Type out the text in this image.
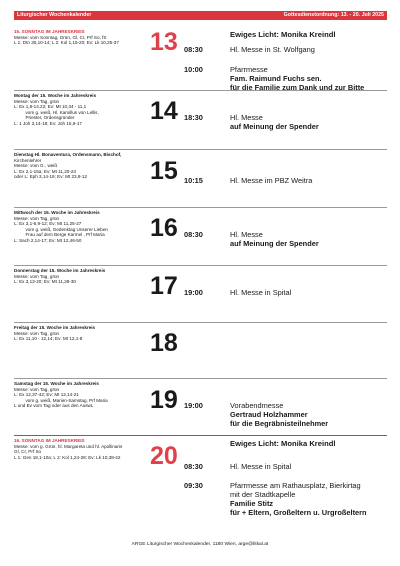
Liturgischer Wochenkalender	Gottesdienstordnung: 13. - 20. Juli 2025
15. SONNTAG IM JAHRESKREIS
Messe: vom Sonntag, Grün, Gl, Cr, Prf So, fS
L 1: Dtn 30,10-14; L 2: Kol 1,15-20; Ev: Lk 10,25-37	13	Ewiges Licht: Monika Kreindl
08:30	Hl. Messe in St. Wolfgang
10:00	Pfarrmesse
Fam. Raimund Fuchs sen.
für die Familie zum Dank und zur Bitte
Montag der 15. Woche im Jahreskreis
Messe: vom Tag, grün
L: Ex 1,8-14.22; Ev: Mt 10,34 - 11,1
vom g. weiß, Hl. Kamillus von Lellis,
Priester, Ordensgründer
L: 1 Joh 3,14-18; Ev: Joh 15,9-17	14 18:30	Hl. Messe
auf Meinung der Spender
Dienstag Hl. Bonaventura, Ordensmann, Bischof,
Kirchenlehrer
Messe: vom G., weiß
L: Ex 2,1-15a; Ev: Mt 11,20-24
oder L: Eph 3,14-19; Ev: Mt 23,8-12	15 10:15	Hl. Messe im PBZ Weitra
Mittwoch der 15. Woche im Jahreskreis
Messe: vom Tag, grün
L: Ex 3,1-6.9-12; Ev: Mt 11,25-27
vom g. weiß, Gedenktag Unserer Lieben
Frau auf dem Berge Karmel , Prf Maria
L: Sach 2,14-17; Ev: Mt 12,46-50	16 08:30	Hl. Messe
auf Meinung der Spender
Donnerstag der 15. Woche im Jahreskreis
Messe: vom Tag, grün
L: Ex 3,13-20; Ev: Mt 11,28-30	17 19:00	Hl. Messe in Spital
Freitag der 15. Woche im Jahreskreis
Messe: vom Tag, grün
L: Ex 11,10 - 12,14; Ev: Mt 12,1-8	18
Samstag der 15. Woche im Jahreskreis
Messe: vom Tag, grün
L: Ex 12,37-42; Ev: Mt 12,14-21
vom g. weiß, Marien-Samstag, Prf Maria
L und Ev vom Tag oder aus den AuswL	19 19:00	Vorabendmesse
Gertraud Holzhammer
für die Begräbnisteilnehmer
16. SONNTAG IM JAHRESKREIS
Messe: vom g. Grün, hl. Margareta und hl. Apollinaris
Gl, Cr, Prf So
L 1: Gen 18,1-10a; L 2: Kol 1,24-28; Ev: Lk 10,38-42	20	Ewiges Licht: Monika Kreindl
08:30	Hl. Messe in Spital
09:30	Pfarrmesse am Rathausplatz, Bierkirtag
mit der Stadtkapelle
Familie Stitz
für + Eltern, Großeltern u. Urgroßeltern
ARGE Liturgischer Wochenkalender, 1180 Wien, arge@litkal.at
